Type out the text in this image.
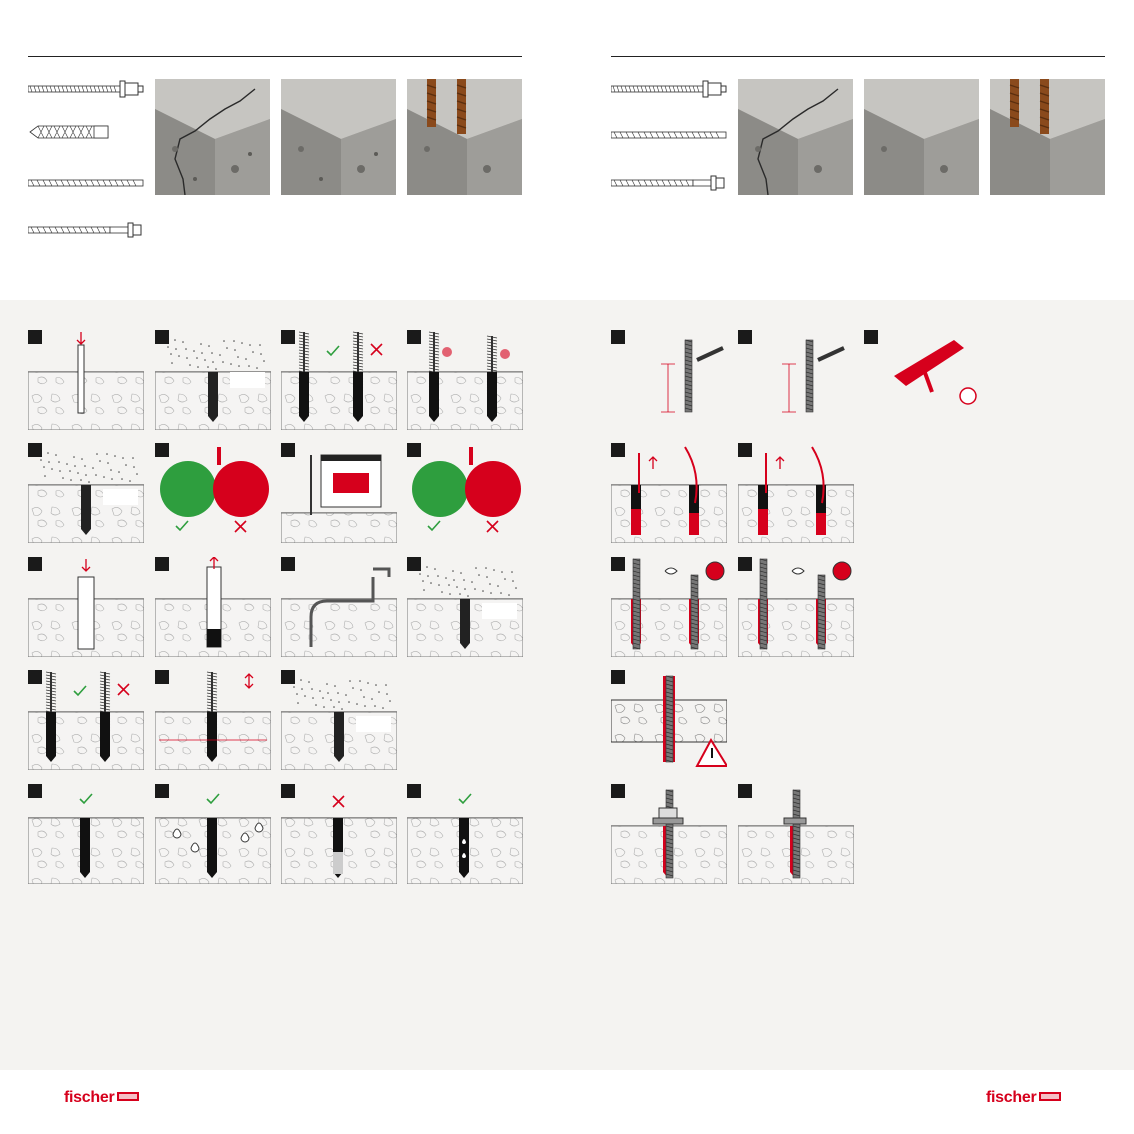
fischer	fischer
